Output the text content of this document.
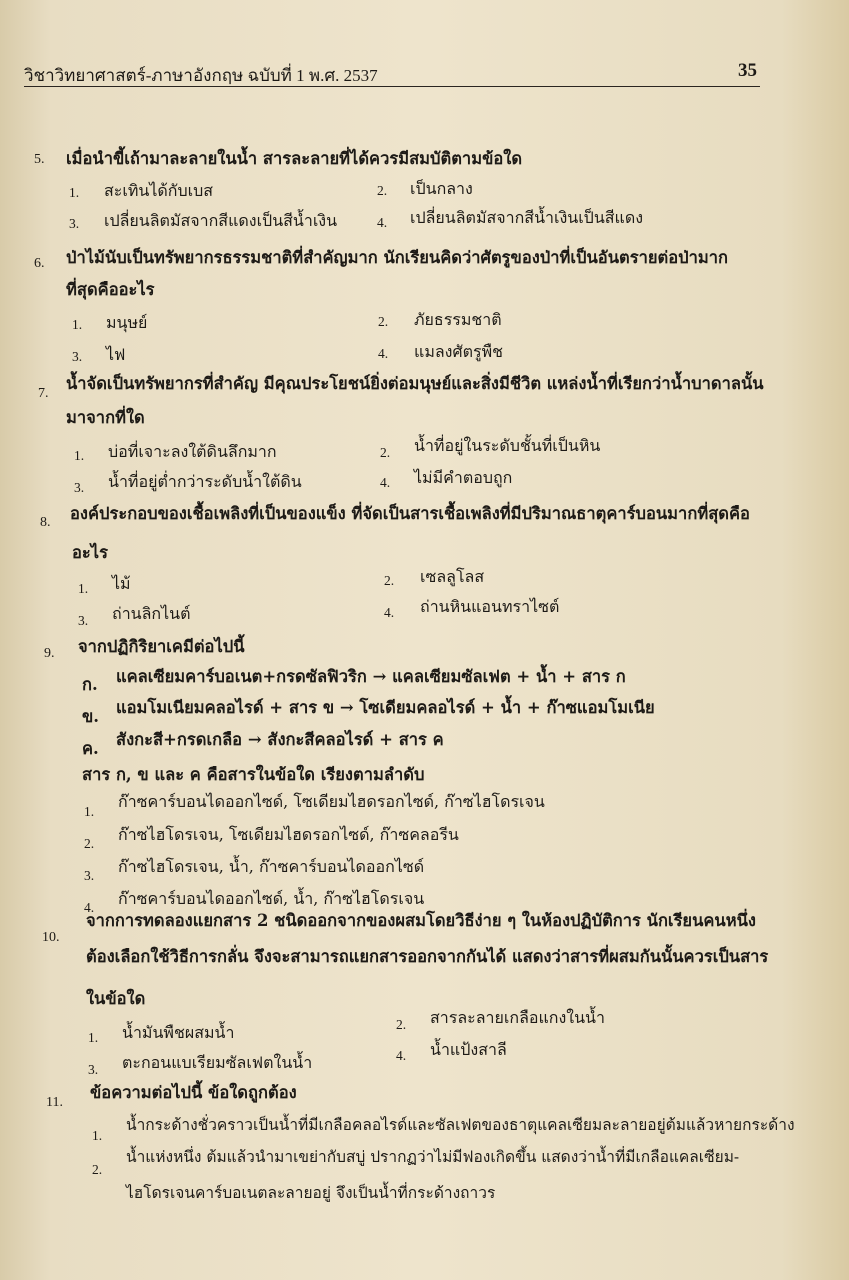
วิชาวิทยาศาสตร์-ภาษาอังกฤษ ฉบับที่ 1 พ.ศ. 2537	35
5. เมื่อนำขี้เถ้ามาละลายในน้ำ สารละลายที่ได้ควรมีสมบัติตามข้อใด
1. สะเทินได้กับเบส	2. เป็นกลาง
3. เปลี่ยนลิตมัสจากสีแดงเป็นสีน้ำเงิน	4. เปลี่ยนลิตมัสจากสีน้ำเงินเป็นสีแดง
6. ป่าไม้นับเป็นทรัพยากรธรรมชาติที่สำคัญมาก นักเรียนคิดว่าศัตรูของป่าที่เป็นอันตรายต่อป่ามาก
ที่สุดคืออะไร
1. มนุษย์	2. ภัยธรรมชาติ
3. ไฟ	4. แมลงศัตรูพืช
7.
น้ำจัดเป็นทรัพยากรที่สำคัญ มีคุณประโยชน์ยิ่งต่อมนุษย์และสิ่งมีชีวิต แหล่งน้ำที่เรียกว่าน้ำบาดาลนั้น
มาจากที่ใด
1. บ่อที่เจาะลงใต้ดินลึกมาก	2. น้ำที่อยู่ในระดับชั้นที่เป็นหิน
3. น้ำที่อยู่ต่ำกว่าระดับน้ำใต้ดิน	4. ไม่มีคำตอบถูก
8. องค์ประกอบของเชื้อเพลิงที่เป็นของแข็ง ที่จัดเป็นสารเชื้อเพลิงที่มีปริมาณธาตุคาร์บอนมากที่สุดคือ
อะไร
1. ไม้	2. เซลลูโลส
3. ถ่านลิกไนต์	4. ถ่านหินแอนทราไซต์
9. จากปฏิกิริยาเคมีต่อไปนี้
ก. แคลเซียมคาร์บอเนต+กรดซัลฟิวริก → แคลเซียมซัลเฟต + น้ำ + สาร ก
ข. แอมโมเนียมคลอไรด์ + สาร ข → โซเดียมคลอไรด์ + น้ำ + ก๊าซแอมโมเนีย
ค. สังกะสี+กรดเกลือ → สังกะสีคลอไรด์ + สาร ค
สาร ก, ข และ ค คือสารในข้อใด เรียงตามลำดับ
1.
ก๊าซคาร์บอนไดออกไซด์, โซเดียมไฮดรอกไซด์, ก๊าซไฮโดรเจน
2. ก๊าซไฮโดรเจน, โซเดียมไฮดรอกไซด์, ก๊าซคลอรีน
3. ก๊าซไฮโดรเจน, น้ำ, ก๊าซคาร์บอนไดออกไซด์
4. ก๊าซคาร์บอนไดออกไซด์, น้ำ, ก๊าซไฮโดรเจน
10.
จากการทดลองแยกสาร 2 ชนิดออกจากของผสมโดยวิธีง่าย ๆ ในห้องปฏิบัติการ นักเรียนคนหนึ่ง
ต้องเลือกใช้วิธีการกลั่น จึงจะสามารถแยกสารออกจากกันได้ แสดงว่าสารที่ผสมกันนั้นควรเป็นสาร
ในข้อใด
1. น้ำมันพืชผสมน้ำ	2. สารละลายเกลือแกงในน้ำ
3. ตะกอนแบเรียมซัลเฟตในน้ำ	4. น้ำแป้งสาลี
11.
ข้อความต่อไปนี้ ข้อใดถูกต้อง
1.
น้ำกระด้างชั่วคราวเป็นน้ำที่มีเกลือคลอไรด์และซัลเฟตของธาตุแคลเซียมละลายอยู่ต้มแล้วหายกระด้าง
2.
น้ำแห่งหนึ่ง ต้มแล้วนำมาเขย่ากับสบู่ ปรากฏว่าไม่มีฟองเกิดขึ้น แสดงว่าน้ำที่มีเกลือแคลเซียม-
ไฮโดรเจนคาร์บอเนตละลายอยู่ จึงเป็นน้ำที่กระด้างถาวร
